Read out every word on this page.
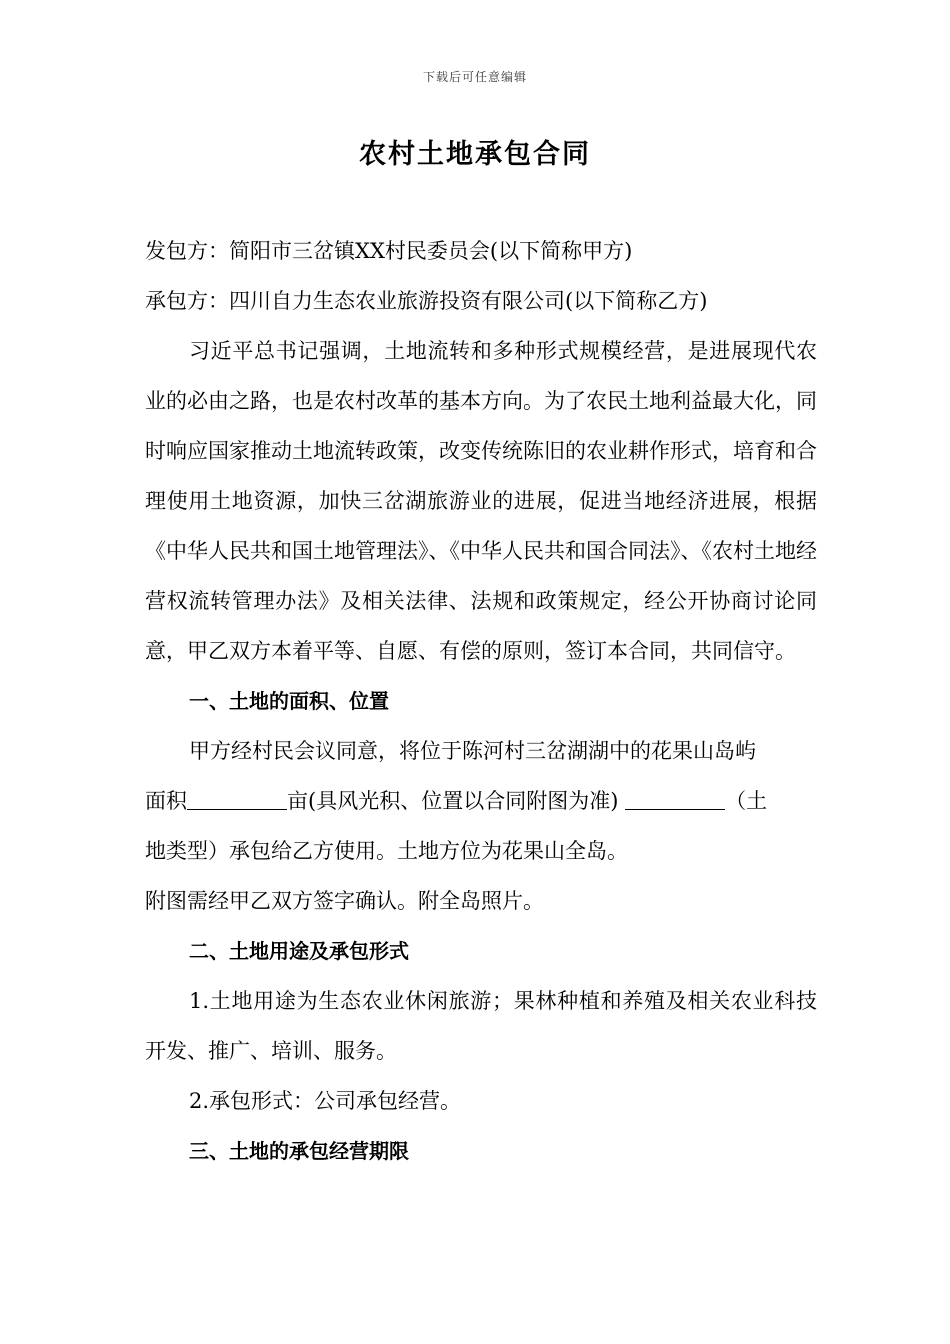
下载后可任意编辑
农村土地承包合同

发包方：简阳市三岔镇XX村民委员会(以下简称甲方)

承包方：四川自力生态农业旅游投资有限公司(以下简称乙方)

习近平总书记强调，土地流转和多种形式规模经营，是进展现代农业的必由之路，也是农村改革的基本方向。为了农民土地利益最大化，同时响应国家推动土地流转政策，改变传统陈旧的农业耕作形式，培育和合理使用土地资源，加快三岔湖旅游业的进展，促进当地经济进展，根据《中华人民共和国土地管理法》、《中华人民共和国合同法》、《农村土地经营权流转管理办法》及相关法律、法规和政策规定，经公开协商讨论同意，甲乙双方本着平等、自愿、有偿的原则，签订本合同，共同信守。

一、土地的面积、位置

甲方经村民会议同意，将位于陈河村三岔湖湖中的花果山岛屿

面积	亩(具风光积、位置以合同附图为准)	（土

地类型）承包给乙方使用。土地方位为花果山全岛。

附图需经甲乙双方签字确认。附全岛照片。

二、土地用途及承包形式

1.土地用途为生态农业休闲旅游；果林种植和养殖及相关农业科技开发、推广、培训、服务。

2.承包形式：公司承包经营。

三、土地的承包经营期限
